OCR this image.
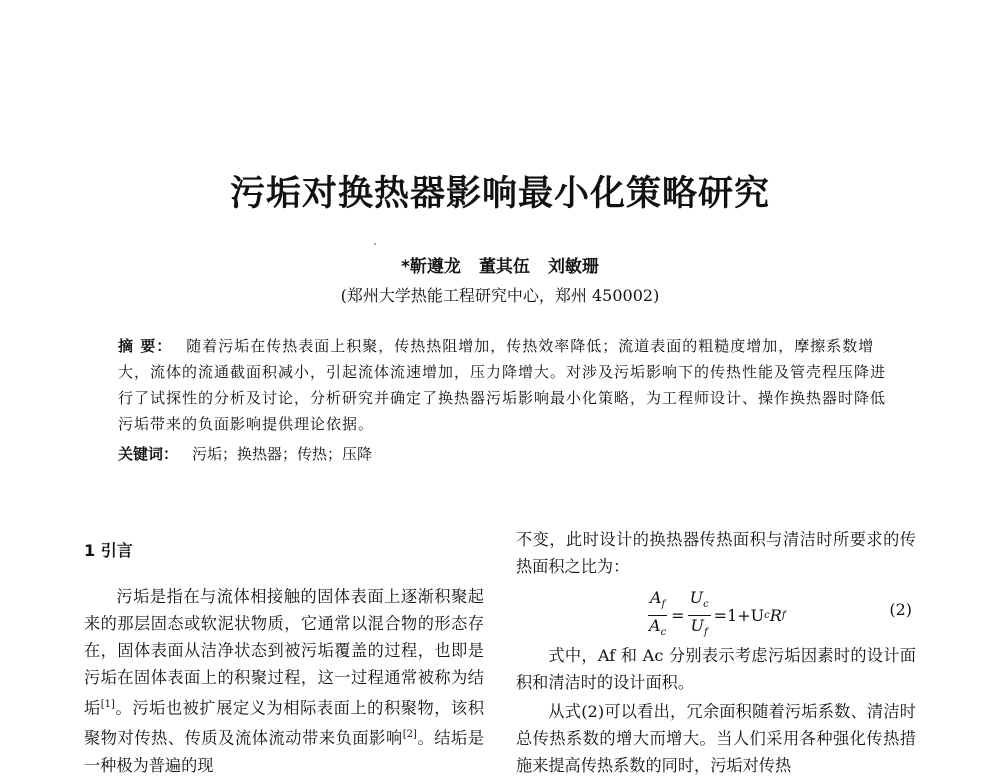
污垢对换热器影响最小化策略研究
*靳遵龙 董其伍 刘敏珊
(郑州大学热能工程研究中心，郑州 450002)
摘 要： 随着污垢在传热表面上积聚，传热热阻增加，传热效率降低；流道表面的粗糙度增加，摩擦系数增大，流体的流通截面积减小，引起流体流速增加，压力降增大。对涉及污垢影响下的传热性能及管壳程压降进行了试探性的分析及讨论，分析研究并确定了换热器污垢影响最小化策略，为工程师设计、操作换热器时降低污垢带来的负面影响提供理论依据。
关键词： 污垢；换热器；传热；压降
1 引言

污垢是指在与流体相接触的固体表面上逐渐积聚起来的那层固态或软泥状物质，它通常以混合物的形态存在，固体表面从洁净状态到被污垢覆盖的过程，也即是污垢在固体表面上的积聚过程，这一过程通常被称为结垢[1]。污垢也被扩展定义为相际表面上的积聚物，该积聚物对传热、传质及流体流动带来负面影响[2]。结垢是一种极为普遍的现

不变，此时设计的换热器传热面积与清洁时所要求的传热面积之比为：

$\frac{A_f}{A_c} = \frac{U_c}{U_f} =1+U$ c R f	(2)

式中，Af 和 Ac 分别表示考虑污垢因素时的设计面积和清洁时的设计面积。

从式(2)可以看出，冗余面积随着污垢系数、清洁时总传热系数的增大而增大。当人们采用各种强化传热措施来提高传热系数的同时，污垢对传热
